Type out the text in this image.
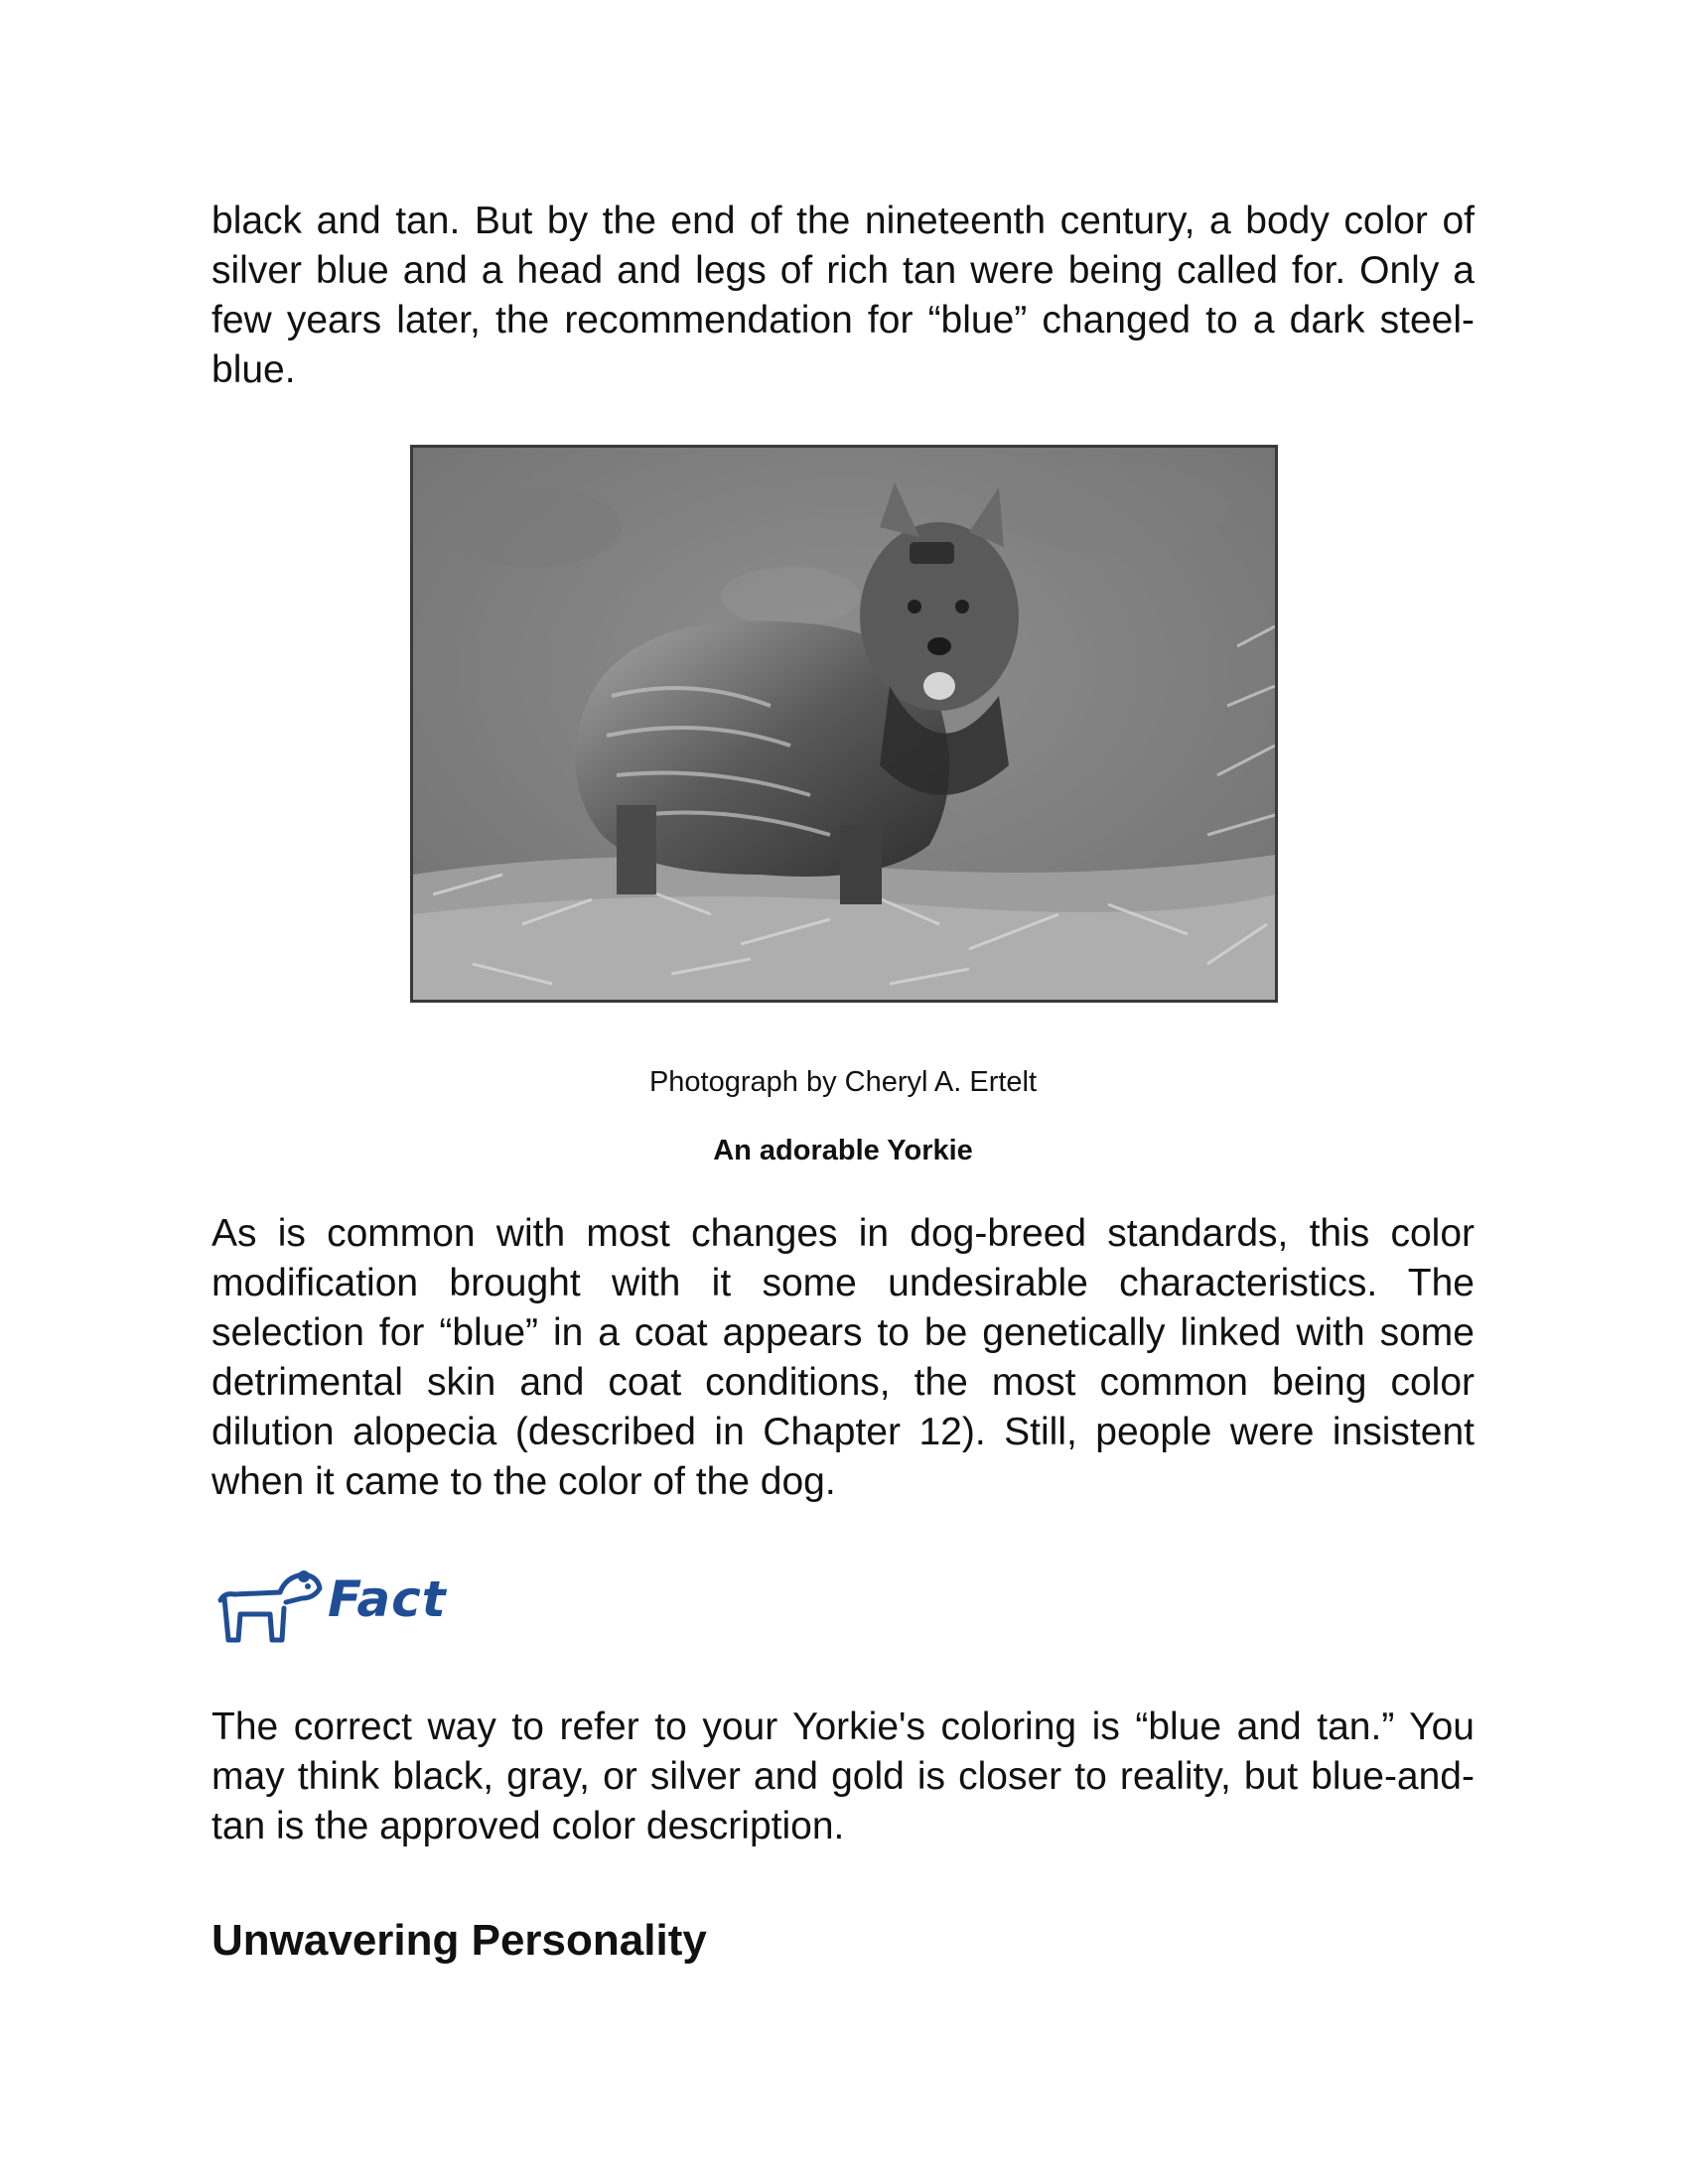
black and tan. But by the end of the nineteenth century, a body color of silver blue and a head and legs of rich tan were being called for. Only a few years later, the recommendation for “blue” changed to a dark steel-blue.

Photograph by Cheryl A. Ertelt

An adorable Yorkie

As is common with most changes in dog-breed standards, this color modification brought with it some undesirable characteristics. The selection for “blue” in a coat appears to be genetically linked with some detrimental skin and coat conditions, the most common being color dilution alopecia (described in Chapter 12). Still, people were insistent when it came to the color of the dog.

Fact

The correct way to refer to your Yorkie's coloring is “blue and tan.” You may think black, gray, or silver and gold is closer to reality, but blue-and-tan is the approved color description.

Unwavering Personality
